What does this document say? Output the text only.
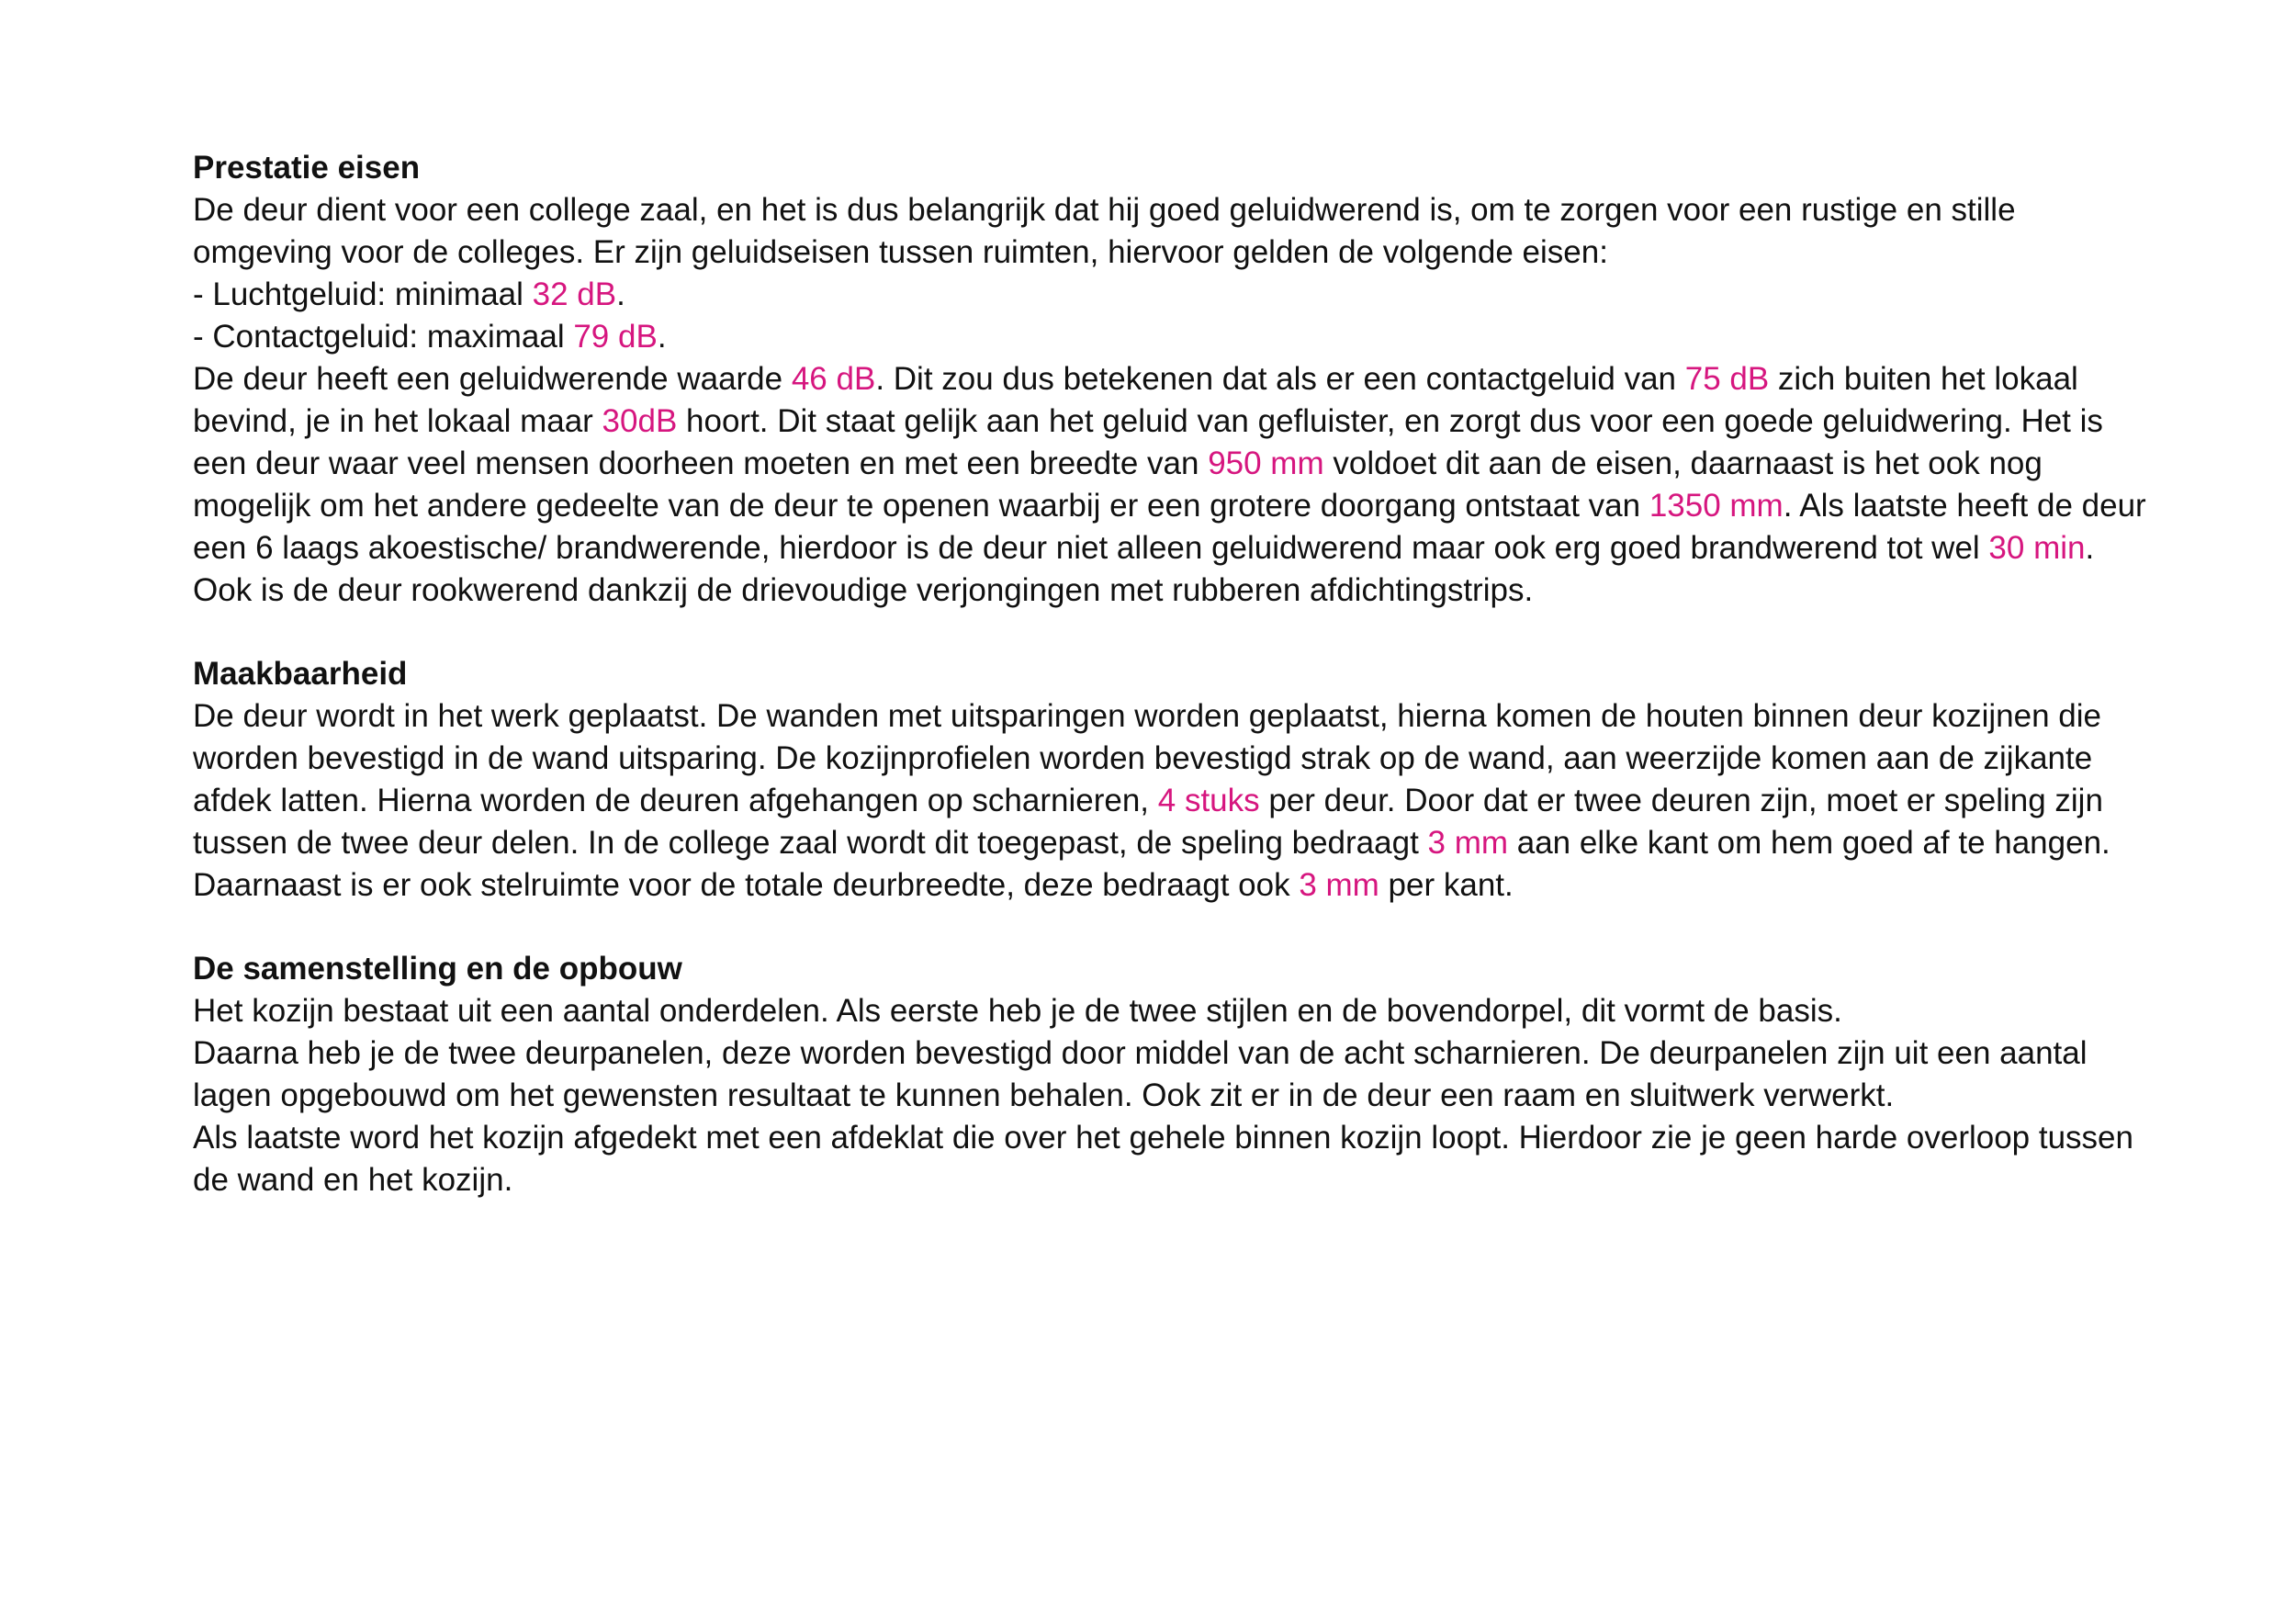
Prestatie eisen

De deur dient voor een college zaal, en het is dus belangrijk dat hij goed geluidwerend is, om te zorgen voor een rustige en stille omgeving voor de colleges. Er zijn geluidseisen tussen ruimten, hiervoor gelden de volgende eisen:

- Luchtgeluid: minimaal 32 dB.

- Contactgeluid: maximaal 79 dB.

De deur heeft een geluidwerende waarde 46 dB. Dit zou dus betekenen dat als er een contactgeluid van 75 dB zich buiten het lokaal bevind, je in het lokaal maar 30dB hoort. Dit staat gelijk aan het geluid van gefluister, en zorgt dus voor een goede geluidwering. Het is een deur waar veel mensen doorheen moeten en met een breedte van 950 mm voldoet dit aan de eisen, daarnaast is het ook nog mogelijk om het andere gedeelte van de deur te openen waarbij er een grotere doorgang ontstaat van 1350 mm. Als laatste heeft de deur een 6 laags akoestische/ brandwerende, hierdoor is de deur niet alleen geluidwerend maar ook erg goed brandwerend tot wel 30 min. Ook is de deur rookwerend dankzij de drievoudige verjongingen met rubberen afdichtingstrips.

Maakbaarheid

De deur wordt in het werk geplaatst. De wanden met uitsparingen worden geplaatst, hierna komen de houten binnen deur kozijnen die worden bevestigd in de wand uitsparing. De kozijnprofielen worden bevestigd strak op de wand, aan weerzijde komen aan de zijkante afdek latten. Hierna worden de deuren afgehangen op scharnieren, 4 stuks per deur. Door dat er twee deuren zijn, moet er speling zijn tussen de twee deur delen. In de college zaal wordt dit toegepast, de speling bedraagt 3 mm aan elke kant om hem goed af te hangen. Daarnaast is er ook stelruimte voor de totale deurbreedte, deze bedraagt ook 3 mm per kant.

De samenstelling en de opbouw

Het kozijn bestaat uit een aantal onderdelen. Als eerste heb je de twee stijlen en de bovendorpel, dit vormt de basis.

Daarna heb je de twee deurpanelen, deze worden bevestigd door middel van de acht scharnieren. De deurpanelen zijn uit een aantal lagen opgebouwd om het gewensten resultaat te kunnen behalen. Ook zit er in de deur een raam en sluitwerk verwerkt.

Als laatste word het kozijn afgedekt met een afdeklat die over het gehele binnen kozijn loopt. Hierdoor zie je geen harde overloop tussen de wand en het kozijn.
